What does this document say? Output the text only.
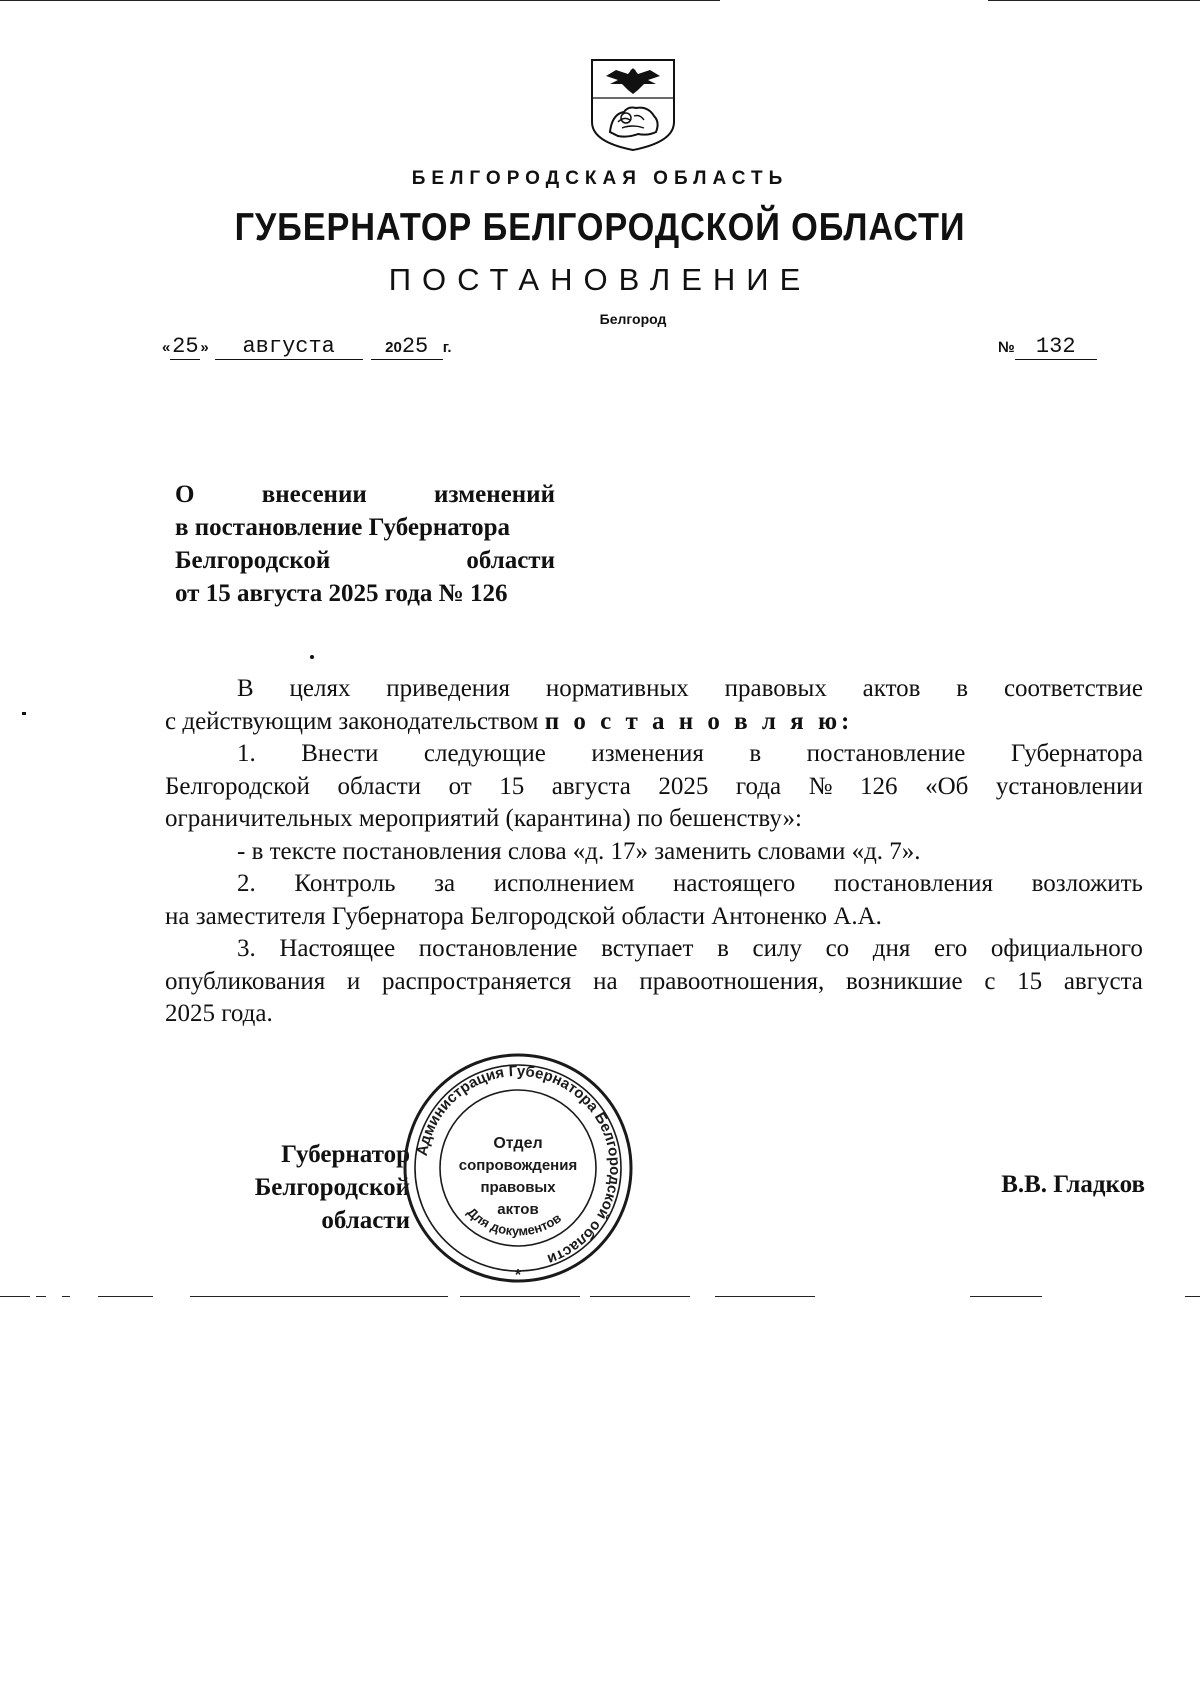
БЕЛГОРОДСКАЯ ОБЛАСТЬ
ГУБЕРНАТОР БЕЛГОРОДСКОЙ ОБЛАСТИ
ПОСТАНОВЛЕНИЕ
Белгород
«25 » августа	2025 г.	№ 132
О	внесении	изменений
в постановление Губернатора
Белгородской	области
от 15 августа 2025 года № 126
В целях приведения нормативных правовых актов в соответствие
с действующим законодательством п о с т а н о в л я ю:
1. Внести следующие изменения в постановление Губернатора
Белгородской области от 15 августа 2025 года № 126 «Об установлении
ограничительных мероприятий (карантина) по бешенству»:
- в тексте постановления слова «д. 17» заменить словами «д. 7».
2. Контроль за исполнением настоящего постановления возложить
на заместителя Губернатора Белгородской области Антоненко А.А.
3. Настоящее постановление вступает в силу со дня его официального
опубликования и распространяется на правоотношения, возникшие с 15 августа
2025 года.
Губернатор
Белгородской области
В.В. Гладков
Администрация Губернатора Белгородской области
Для документов
Отдел
сопровождения
правовых
актов
*
